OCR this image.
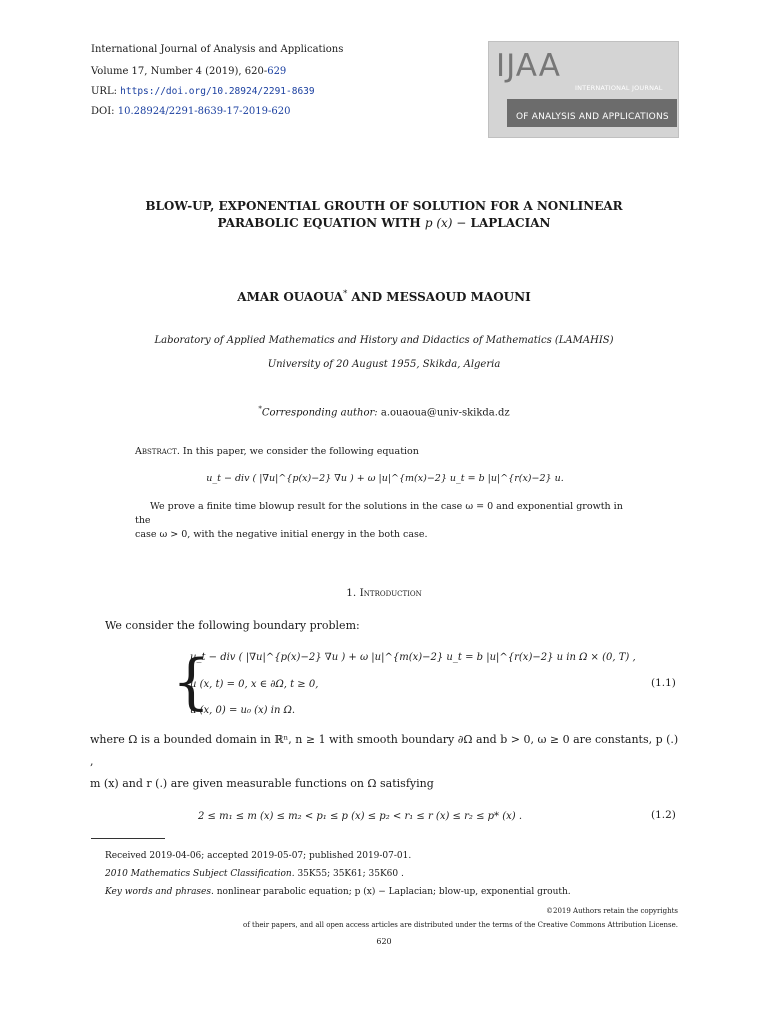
International Journal of Analysis and Applications
Volume 17, Number 4 (2019), 620-629
URL: https://doi.org/10.28924/2291-8639
DOI: 10.28924/2291-8639-17-2019-620
IJAA
INTERNATIONAL JOURNAL
OF ANALYSIS AND APPLICATIONS
BLOW-UP, EXPONENTIAL GROUTH OF SOLUTION FOR A NONLINEAR
PARABOLIC EQUATION WITH p (x) − LAPLACIAN
AMAR OUAOUA* AND MESSAOUD MAOUNI
Laboratory of Applied Mathematics and History and Didactics of Mathematics (LAMAHIS)
University of 20 August 1955, Skikda, Algeria
*Corresponding author: a.ouaoua@univ-skikda.dz
Abstract. In this paper, we consider the following equation
u_t − div ( |∇u|^{p(x)−2} ∇u ) + ω |u|^{m(x)−2} u_t = b |u|^{r(x)−2} u.
We prove a finite time blowup result for the solutions in the case ω = 0 and exponential growth in the
case ω > 0, with the negative initial energy in the both case.
1. Introduction
We consider the following boundary problem:
{
u_t − div ( |∇u|^{p(x)−2} ∇u ) + ω |u|^{m(x)−2} u_t = b |u|^{r(x)−2} u in Ω × (0, T) ,
u (x, t) = 0, x ∈ ∂Ω, t ≥ 0,
u (x, 0) = u₀ (x) in Ω.
(1.1)
where Ω is a bounded domain in ℝⁿ, n ≥ 1 with smooth boundary ∂Ω and b > 0, ω ≥ 0 are constants, p (.) ,
m (x) and r (.) are given measurable functions on Ω satisfying
2 ≤ m₁ ≤ m (x) ≤ m₂ < p₁ ≤ p (x) ≤ p₂ < r₁ ≤ r (x) ≤ r₂ ≤ p* (x) .	(1.2)
Received 2019-04-06; accepted 2019-05-07; published 2019-07-01.
2010 Mathematics Subject Classification. 35K55; 35K61; 35K60 .
Key words and phrases. nonlinear parabolic equation; p (x) − Laplacian; blow-up, exponential grouth.
©2019 Authors retain the copyrights
of their papers, and all open access articles are distributed under the terms of the Creative Commons Attribution License.
620
